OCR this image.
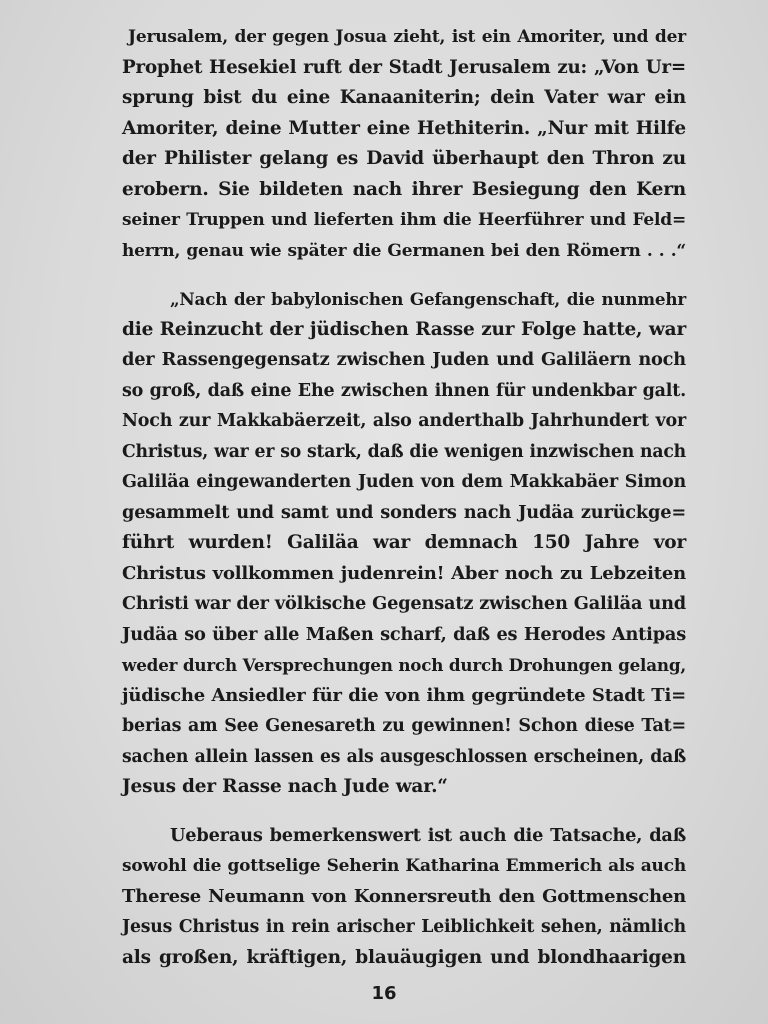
Jerusalem, der gegen Josua zieht, ist ein Amoriter, und der
Prophet Hesekiel ruft der Stadt Jerusalem zu: „Von Ur=
sprung bist du eine Kanaaniterin; dein Vater war ein
Amoriter, deine Mutter eine Hethiterin. „Nur mit Hilfe
der Philister gelang es David überhaupt den Thron zu
erobern. Sie bildeten nach ihrer Besiegung den Kern
seiner Truppen und lieferten ihm die Heerführer und Feld=
herrn, genau wie später die Germanen bei den Römern . . .“
„Nach der babylonischen Gefangenschaft, die nunmehr
die Reinzucht der jüdischen Rasse zur Folge hatte, war
der Rassengegensatz zwischen Juden und Galiläern noch
so groß, daß eine Ehe zwischen ihnen für undenkbar galt.
Noch zur Makkabäerzeit, also anderthalb Jahrhundert vor
Christus, war er so stark, daß die wenigen inzwischen nach
Galiläa eingewanderten Juden von dem Makkabäer Simon
gesammelt und samt und sonders nach Judäa zurückge=
führt wurden! Galiläa war demnach 150 Jahre vor
Christus vollkommen judenrein! Aber noch zu Lebzeiten
Christi war der völkische Gegensatz zwischen Galiläa und
Judäa so über alle Maßen scharf, daß es Herodes Antipas
weder durch Versprechungen noch durch Drohungen gelang,
jüdische Ansiedler für die von ihm gegründete Stadt Ti=
berias am See Genesareth zu gewinnen! Schon diese Tat=
sachen allein lassen es als ausgeschlossen erscheinen, daß
Jesus der Rasse nach Jude war.“
Ueberaus bemerkenswert ist auch die Tatsache, daß
sowohl die gottselige Seherin Katharina Emmerich als auch
Therese Neumann von Konnersreuth den Gottmenschen
Jesus Christus in rein arischer Leiblichkeit sehen, nämlich
als großen, kräftigen, blauäugigen und blondhaarigen
16
